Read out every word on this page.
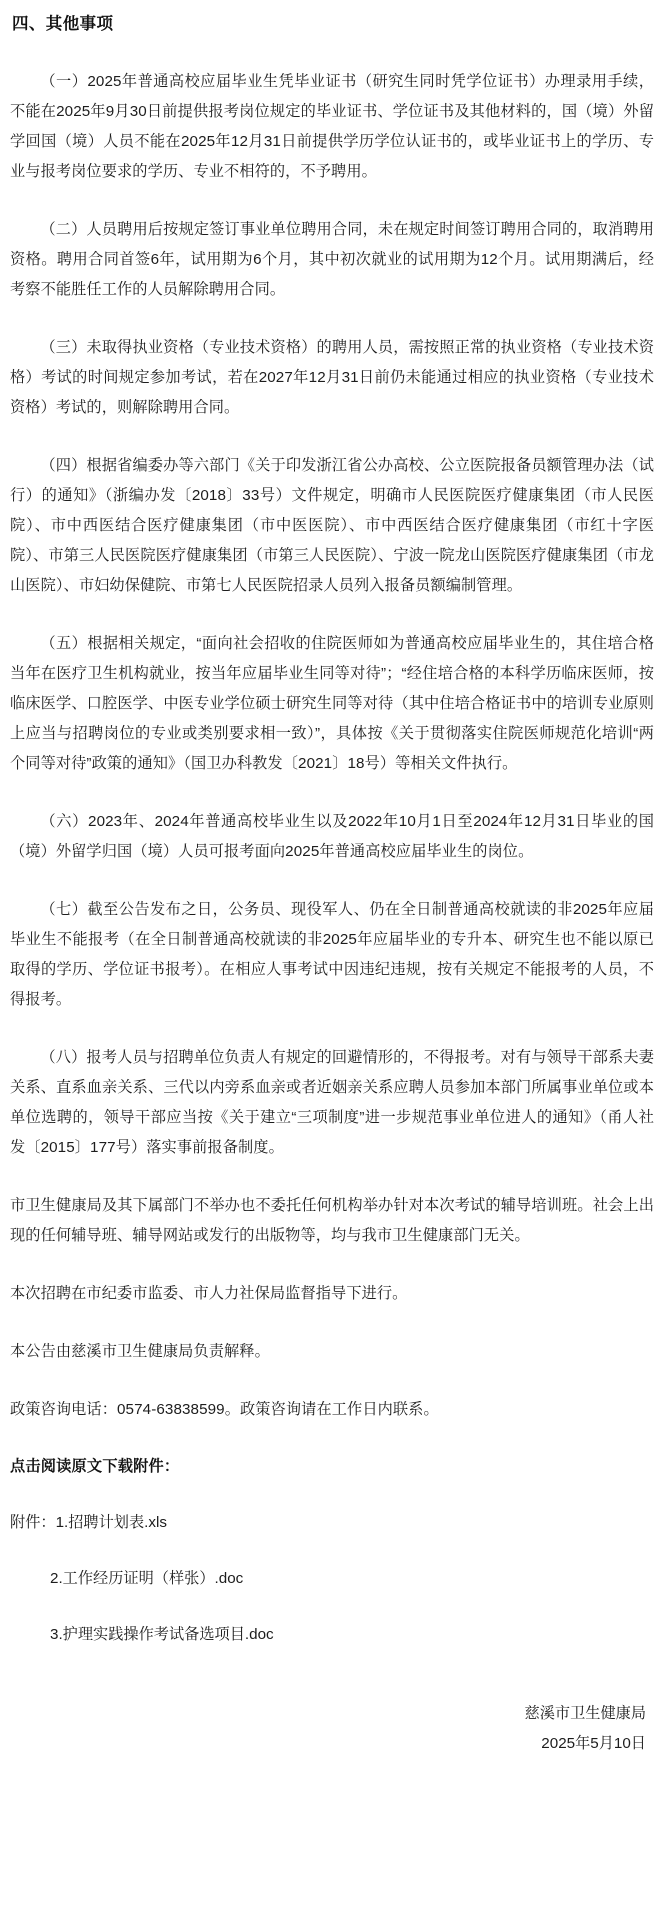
四、其他事项

（一）2025年普通高校应届毕业生凭毕业证书（研究生同时凭学位证书）办理录用手续，不能在2025年9月30日前提供报考岗位规定的毕业证书、学位证书及其他材料的，国（境）外留学回国（境）人员不能在2025年12月31日前提供学历学位认证书的，或毕业证书上的学历、专业与报考岗位要求的学历、专业不相符的，不予聘用。

（二）人员聘用后按规定签订事业单位聘用合同，未在规定时间签订聘用合同的，取消聘用资格。聘用合同首签6年，试用期为6个月，其中初次就业的试用期为12个月。试用期满后，经考察不能胜任工作的人员解除聘用合同。

（三）未取得执业资格（专业技术资格）的聘用人员，需按照正常的执业资格（专业技术资格）考试的时间规定参加考试，若在2027年12月31日前仍未能通过相应的执业资格（专业技术资格）考试的，则解除聘用合同。

（四）根据省编委办等六部门《关于印发浙江省公办高校、公立医院报备员额管理办法（试行）的通知》（浙编办发〔2018〕33号）文件规定，明确市人民医院医疗健康集团（市人民医院）、市中西医结合医疗健康集团（市中医医院）、市中西医结合医疗健康集团（市红十字医院）、市第三人民医院医疗健康集团（市第三人民医院）、宁波一院龙山医院医疗健康集团（市龙山医院）、市妇幼保健院、市第七人民医院招录人员列入报备员额编制管理。

（五）根据相关规定，“面向社会招收的住院医师如为普通高校应届毕业生的，其住培合格当年在医疗卫生机构就业，按当年应届毕业生同等对待”；“经住培合格的本科学历临床医师，按临床医学、口腔医学、中医专业学位硕士研究生同等对待（其中住培合格证书中的培训专业原则上应当与招聘岗位的专业或类别要求相一致）”，具体按《关于贯彻落实住院医师规范化培训“两个同等对待”政策的通知》（国卫办科教发〔2021〕18号）等相关文件执行。

（六）2023年、2024年普通高校毕业生以及2022年10月1日至2024年12月31日毕业的国（境）外留学归国（境）人员可报考面向2025年普通高校应届毕业生的岗位。

（七）截至公告发布之日，公务员、现役军人、仍在全日制普通高校就读的非2025年应届毕业生不能报考（在全日制普通高校就读的非2025年应届毕业的专升本、研究生也不能以原已取得的学历、学位证书报考）。在相应人事考试中因违纪违规，按有关规定不能报考的人员，不得报考。

（八）报考人员与招聘单位负责人有规定的回避情形的，不得报考。对有与领导干部系夫妻关系、直系血亲关系、三代以内旁系血亲或者近姻亲关系应聘人员参加本部门所属事业单位或本单位选聘的，领导干部应当按《关于建立“三项制度”进一步规范事业单位进人的通知》（甬人社发〔2015〕177号）落实事前报备制度。

市卫生健康局及其下属部门不举办也不委托任何机构举办针对本次考试的辅导培训班。社会上出现的任何辅导班、辅导网站或发行的出版物等，均与我市卫生健康部门无关。

本次招聘在市纪委市监委、市人力社保局监督指导下进行。

本公告由慈溪市卫生健康局负责解释。

政策咨询电话：0574-63838599。政策咨询请在工作日内联系。

点击阅读原文下载附件：

附件：1.招聘计划表.xls

2.工作经历证明（样张）.doc

3.护理实践操作考试备选项目.doc

慈溪市卫生健康局
2025年5月10日
